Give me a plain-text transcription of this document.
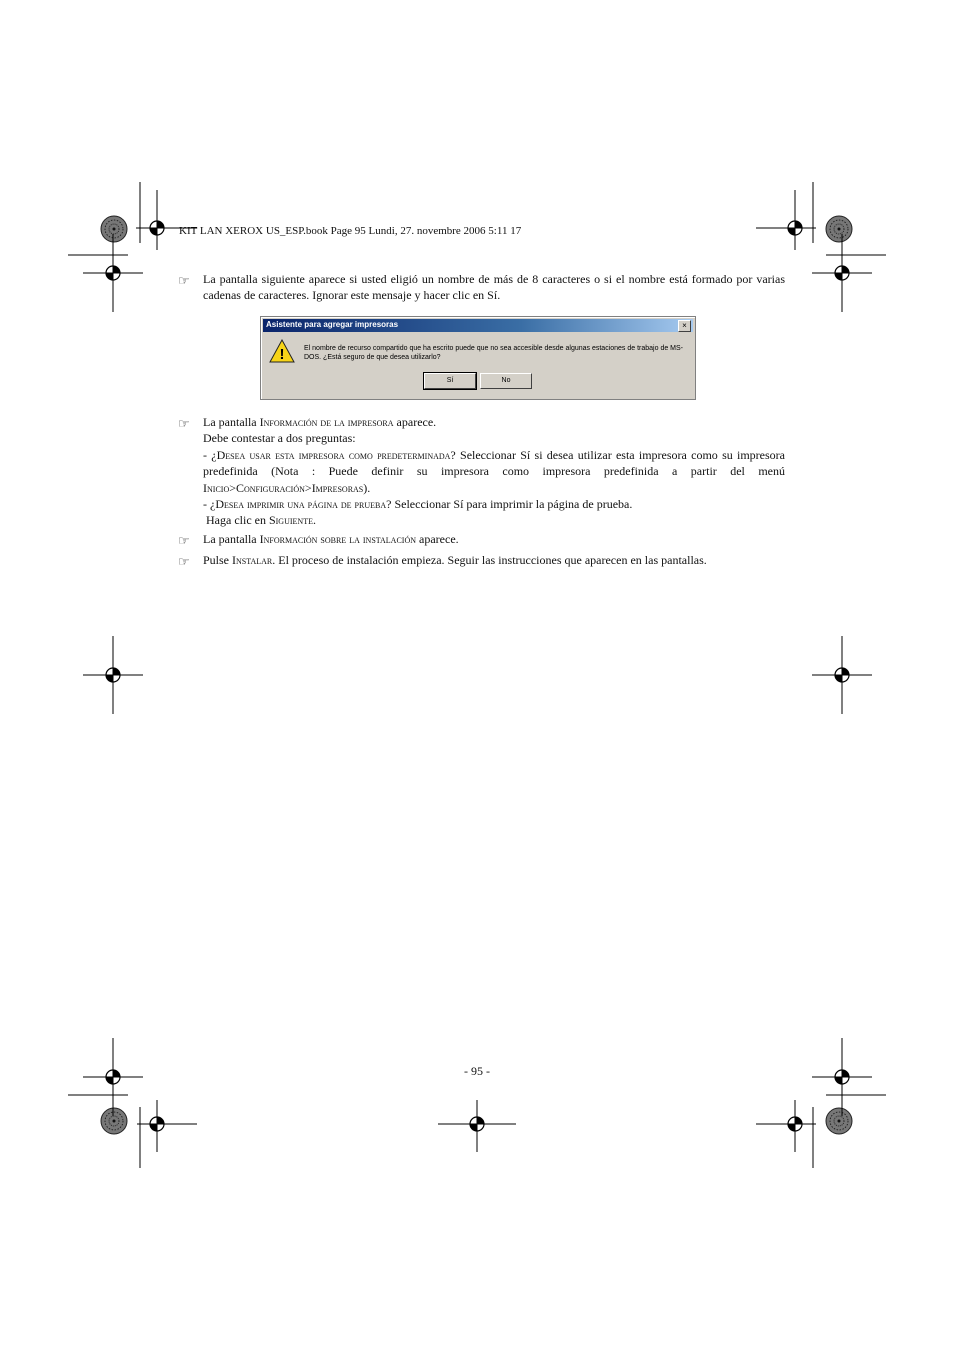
KIT LAN XEROX US_ESP.book Page 95 Lundi, 27. novembre 2006 5:11 17
☞ La pantalla siguiente aparece si usted eligió un nombre de más de 8 caracteres o si el nombre está formado por varias cadenas de caracteres. Ignorar este mensaje y hacer clic en Sí.
Asistente para agregar impresoras	×
!	El nombre de recurso compartido que ha escrito puede que no sea accesible desde algunas estaciones de trabajo de MS-DOS. ¿Está seguro de que desea utilizarlo?
Sí	No
☞ La pantalla Información de la impresora aparece.
Debe contestar a dos preguntas:
- ¿Desea usar esta impresora como predeterminada? Seleccionar Sí si desea utilizar esta impresora como su impresora predefinida (Nota : Puede definir su impresora como impresora predefinida a partir del menú Inicio>Configuración>Impresoras).
- ¿Desea imprimir una página de prueba? Seleccionar Sí para imprimir la página de prueba.
Haga clic en Siguiente.
☞ La pantalla Información sobre la instalación aparece.
☞ Pulse Instalar. El proceso de instalación empieza. Seguir las instrucciones que aparecen en las pantallas.
- 95 -
